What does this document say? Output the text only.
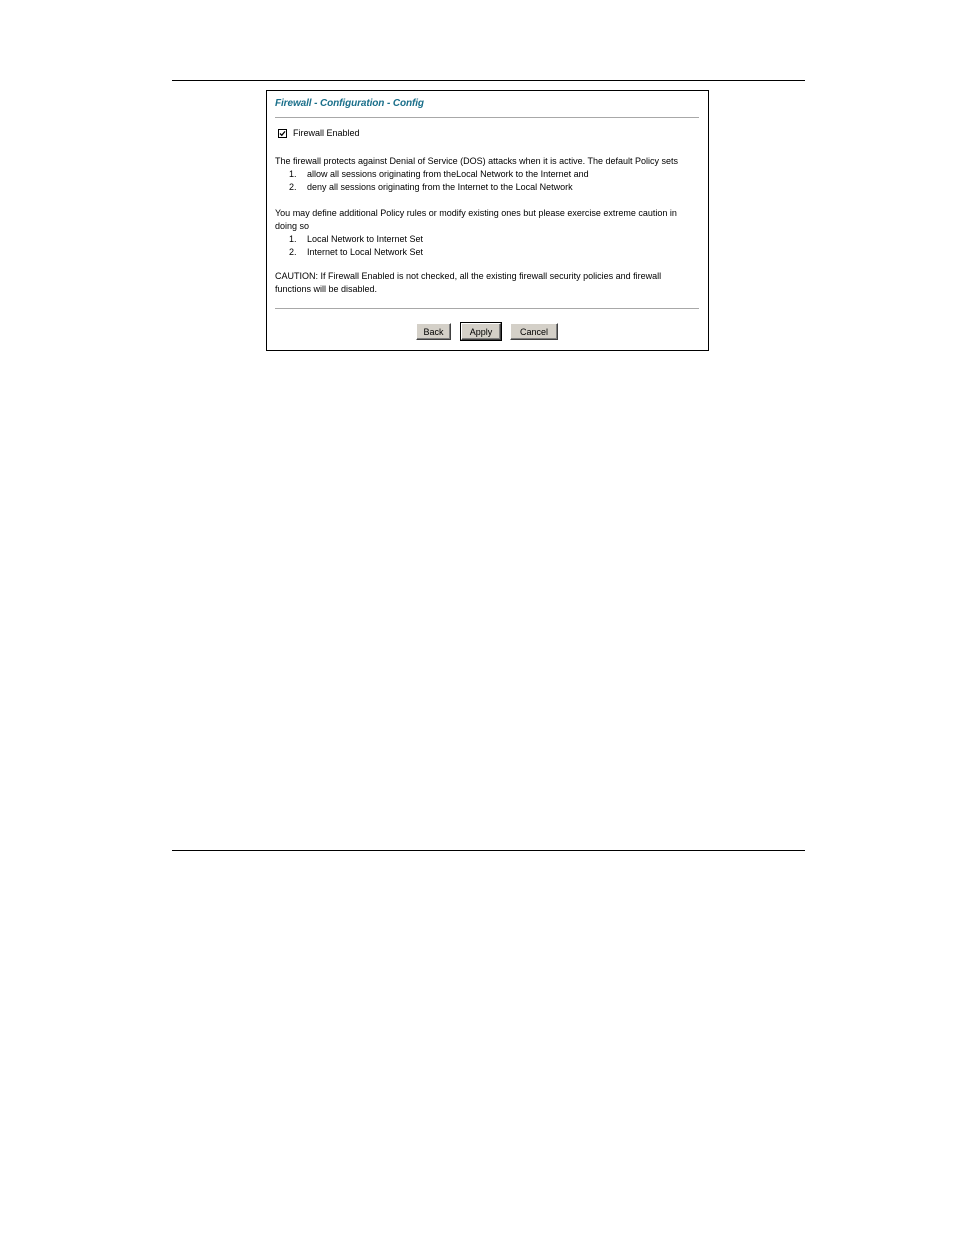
Firewall - Configuration - Config
Firewall Enabled
The firewall protects against Denial of Service (DOS) attacks when it is active. The default Policy sets
1. allow all sessions originating from theLocal Network to the Internet and
2. deny all sessions originating from the Internet to the Local Network
You may define additional Policy rules or modify existing ones but please exercise extreme caution in
doing so
1. Local Network to Internet Set
2. Internet to Local Network Set
CAUTION: If Firewall Enabled is not checked, all the existing firewall security policies and firewall
functions will be disabled.
Back	Apply	Cancel
